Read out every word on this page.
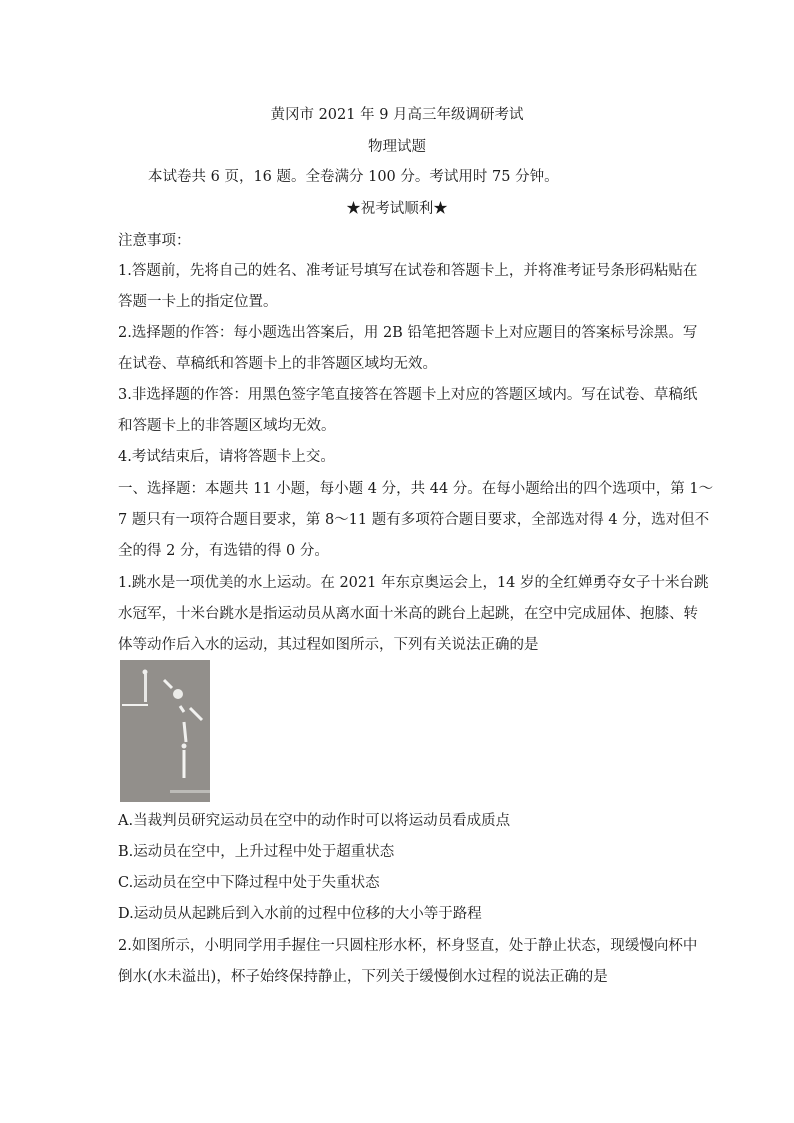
黄冈市 2021 年 9 月高三年级调研考试
物理试题
本试卷共 6 页，16 题。全卷满分 100 分。考试用时 75 分钟。
★祝考试顺利★
注意事项：
1.答题前，先将自己的姓名、准考证号填写在试卷和答题卡上，并将准考证号条形码粘贴在
答题一卡上的指定位置。
2.选择题的作答：每小题选出答案后，用 2B 铅笔把答题卡上对应题目的答案标号涂黑。写
在试卷、草稿纸和答题卡上的非答题区域均无效。
3.非选择题的作答：用黑色签字笔直接答在答题卡上对应的答题区域内。写在试卷、草稿纸
和答题卡上的非答题区域均无效。
4.考试结束后，请将答题卡上交。
一、选择题：本题共 11 小题，每小题 4 分，共 44 分。在每小题给出的四个选项中，第 1～
7 题只有一项符合题目要求，第 8～11 题有多项符合题目要求，全部选对得 4 分，选对但不
全的得 2 分，有选错的得 0 分。
1.跳水是一项优美的水上运动。在 2021 年东京奥运会上，14 岁的全红婵勇夺女子十米台跳
水冠军，十米台跳水是指运动员从离水面十米高的跳台上起跳，在空中完成屈体、抱膝、转
体等动作后入水的运动，其过程如图所示，下列有关说法正确的是
A.当裁判员研究运动员在空中的动作时可以将运动员看成质点
B.运动员在空中，上升过程中处于超重状态
C.运动员在空中下降过程中处于失重状态
D.运动员从起跳后到入水前的过程中位移的大小等于路程
2.如图所示，小明同学用手握住一只圆柱形水杯，杯身竖直，处于静止状态，现缓慢向杯中
倒水(水未溢出)，杯子始终保持静止，下列关于缓慢倒水过程的说法正确的是
